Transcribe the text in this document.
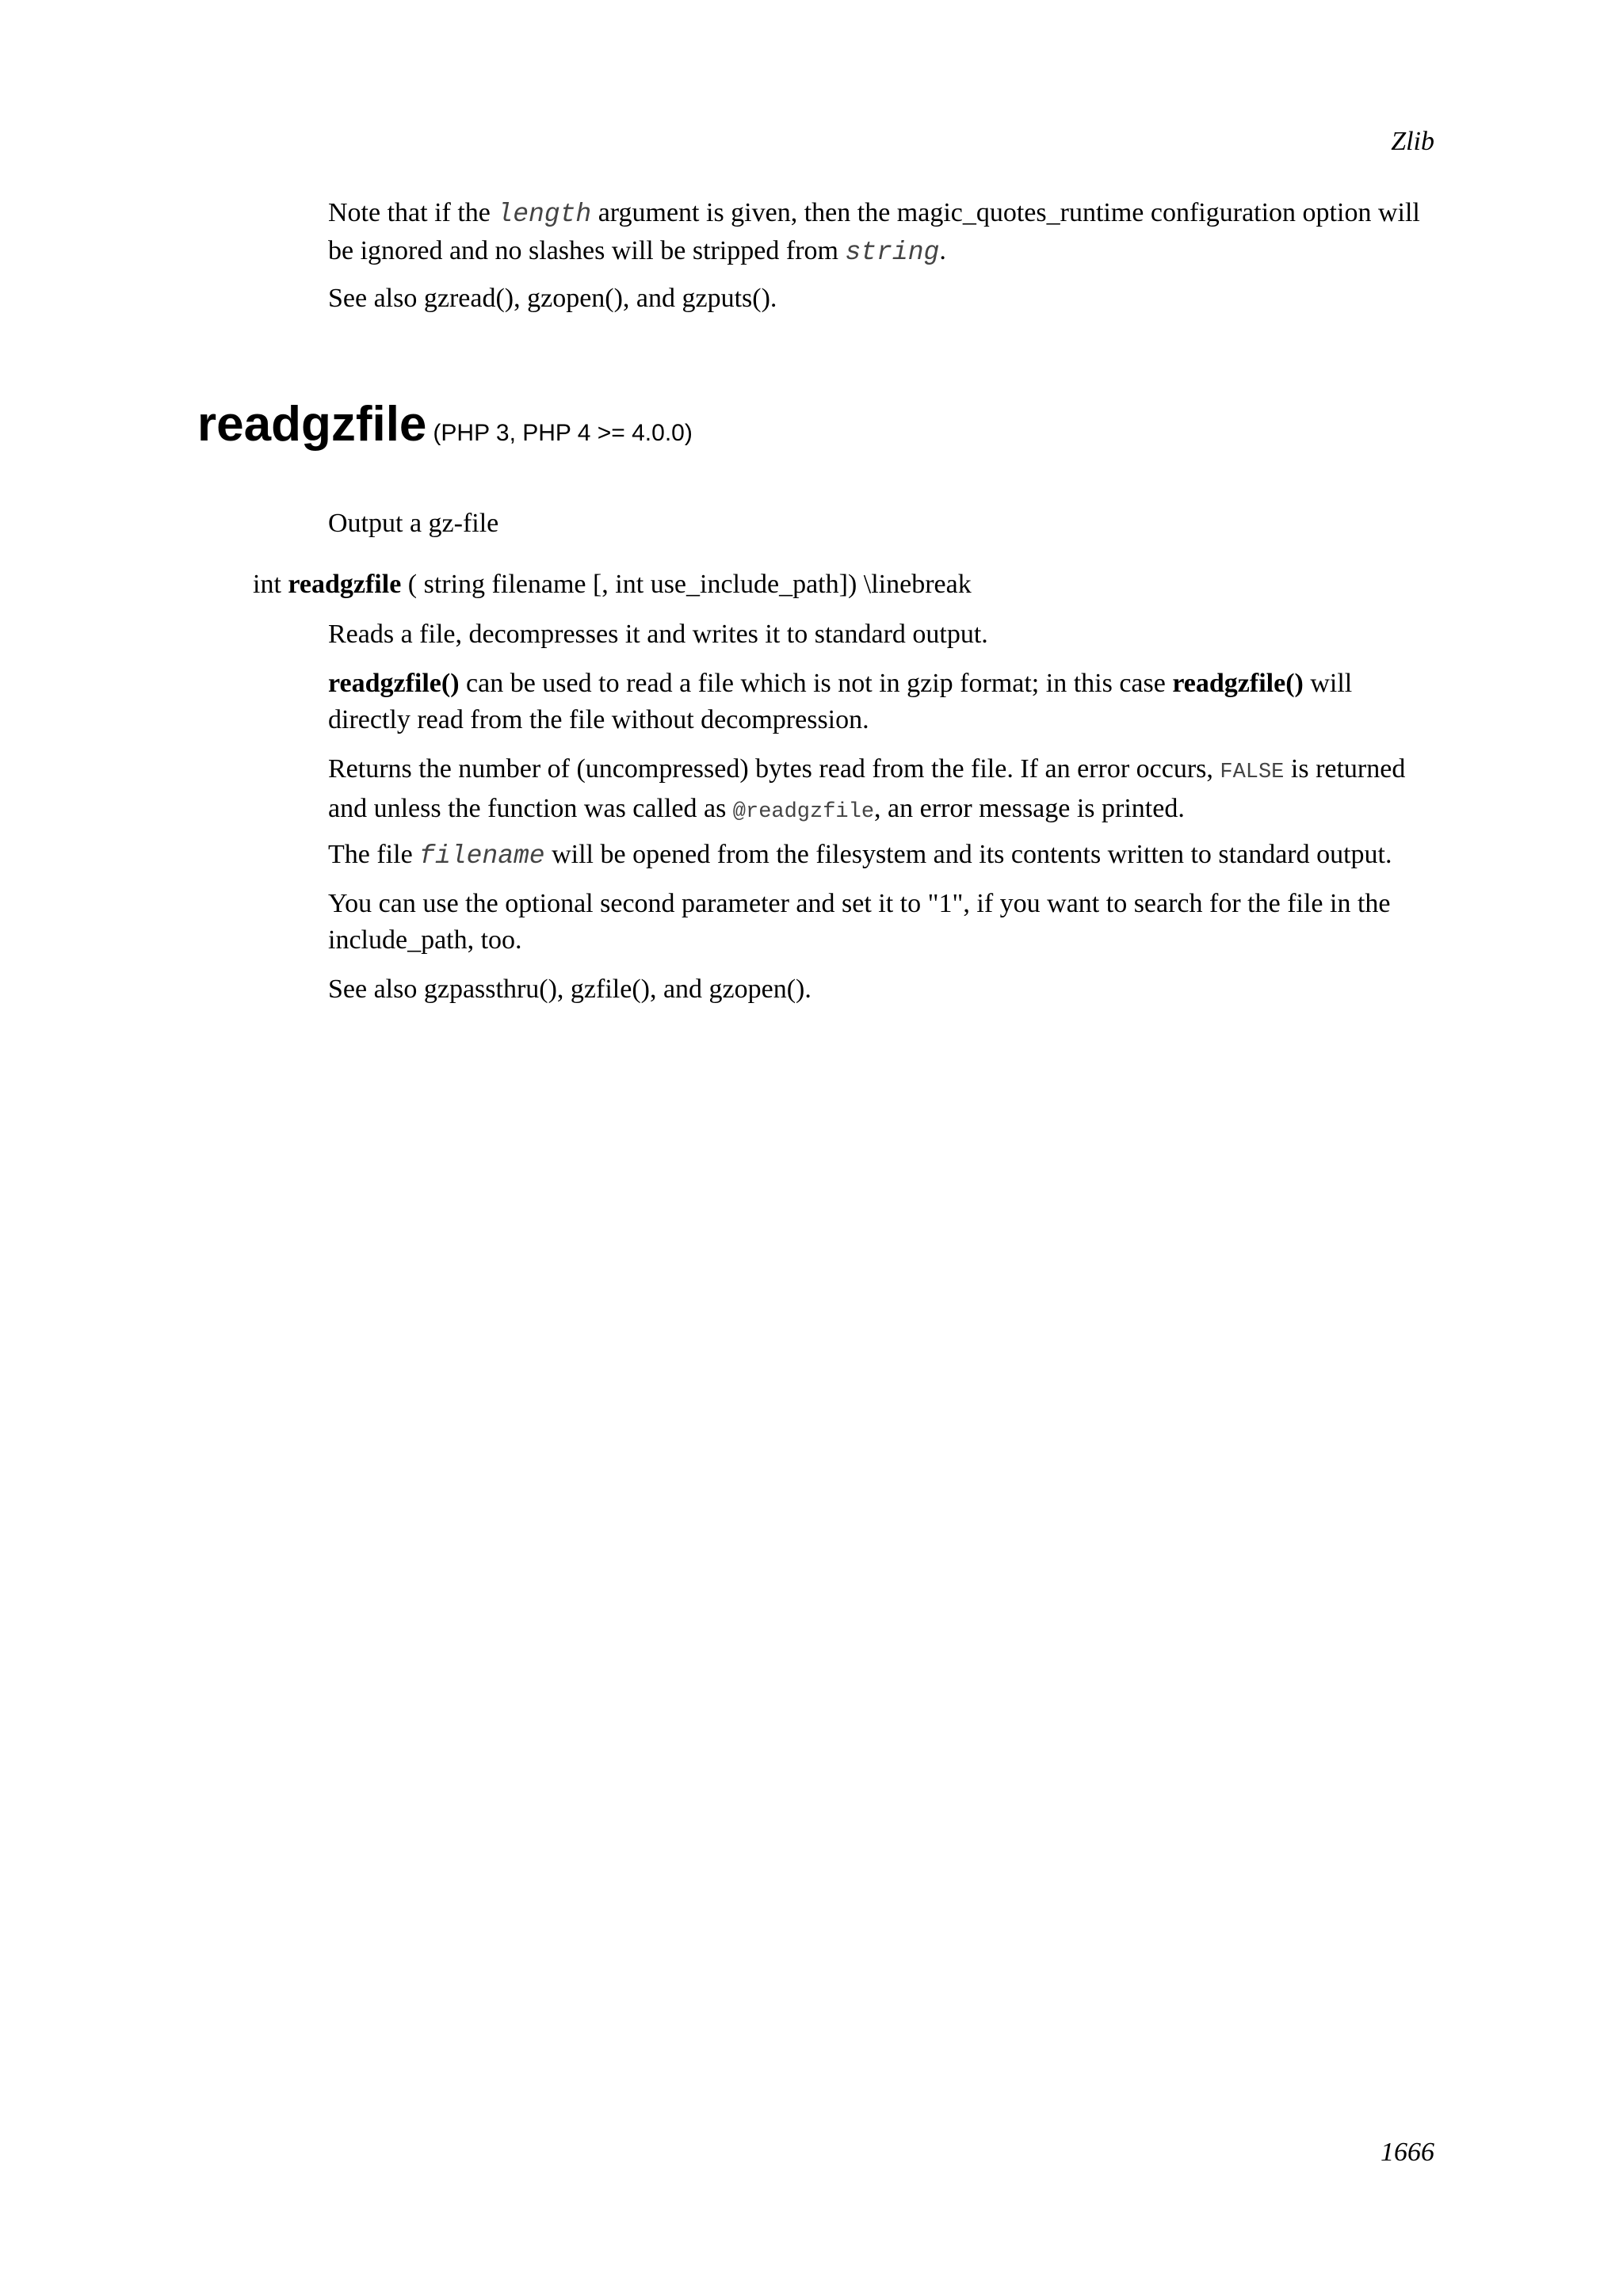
Zlib

Note that if the length argument is given, then the magic_quotes_runtime configuration option will be ignored and no slashes will be stripped from string.

See also gzread(), gzopen(), and gzputs().

readgzfile (PHP 3, PHP 4 >= 4.0.0)

Output a gz-file

int readgzfile ( string filename [, int use_include_path]) \linebreak

Reads a file, decompresses it and writes it to standard output.

readgzfile() can be used to read a file which is not in gzip format; in this case readgzfile() will directly read from the file without decompression.

Returns the number of (uncompressed) bytes read from the file. If an error occurs, FALSE is returned and unless the function was called as @readgzfile, an error message is printed.

The file filename will be opened from the filesystem and its contents written to standard output.

You can use the optional second parameter and set it to "1", if you want to search for the file in the include_path, too.

See also gzpassthru(), gzfile(), and gzopen().

1666
